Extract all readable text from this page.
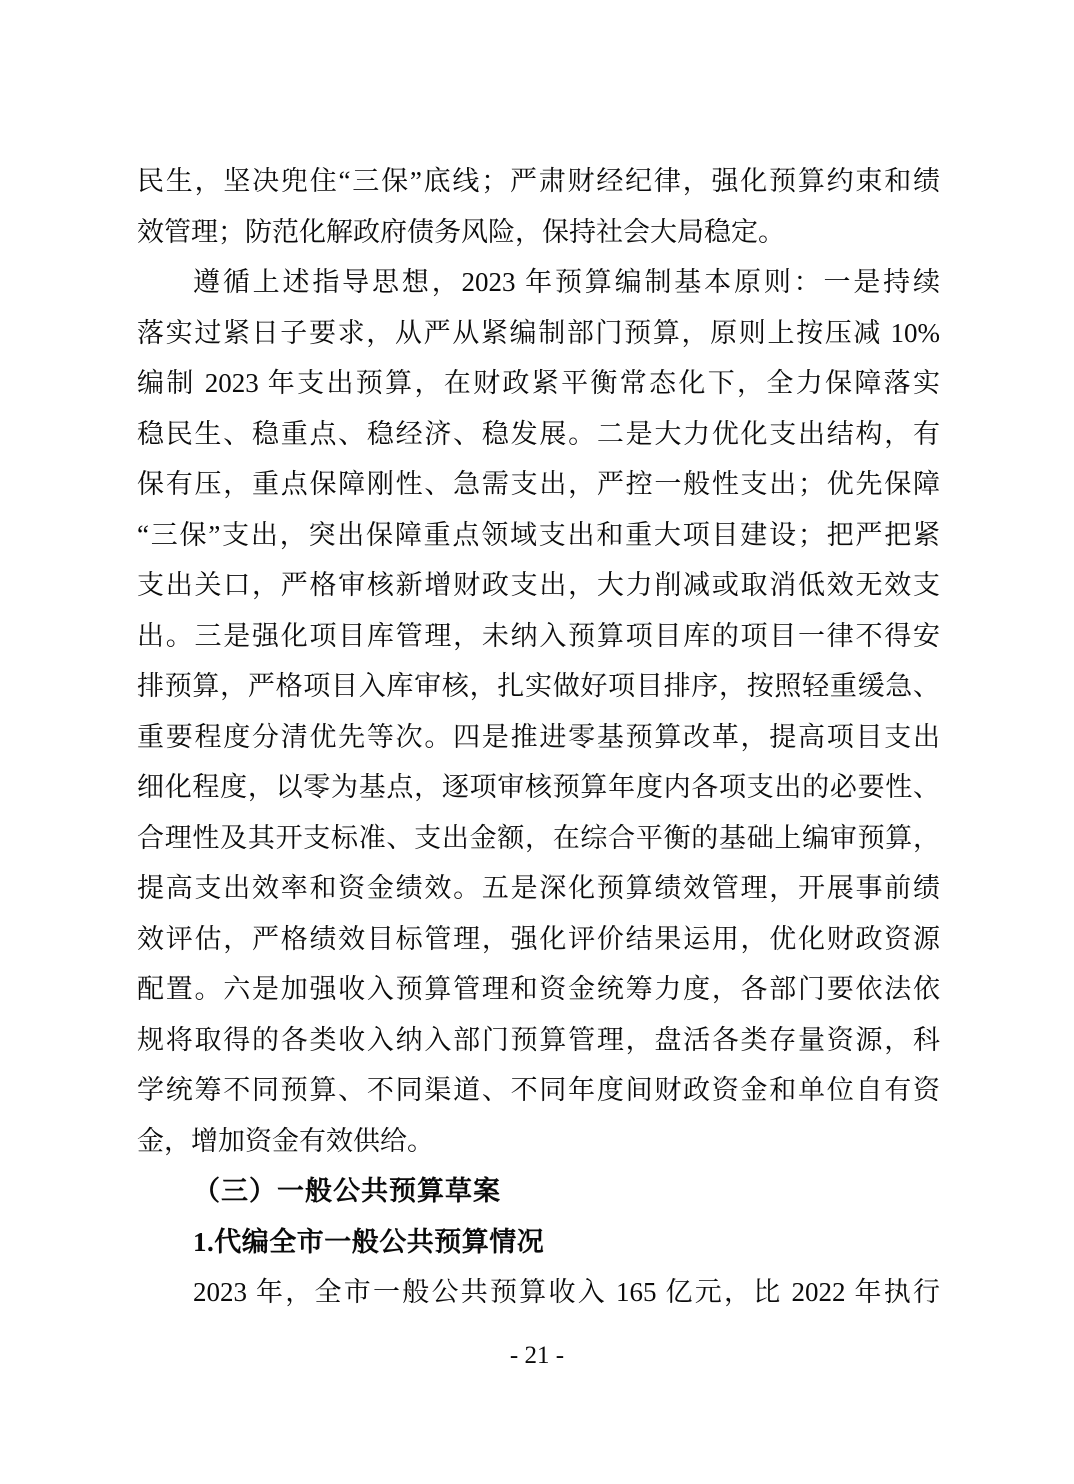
民生，坚决兜住“三保”底线；严肃财经纪律，强化预算约束和绩
效管理；防范化解政府债务风险，保持社会大局稳定。
遵循上述指导思想，2023 年预算编制基本原则：一是持续
落实过紧日子要求，从严从紧编制部门预算，原则上按压减 10%
编制 2023 年支出预算，在财政紧平衡常态化下，全力保障落实
稳民生、稳重点、稳经济、稳发展。二是大力优化支出结构，有
保有压，重点保障刚性、急需支出，严控一般性支出；优先保障
“三保”支出，突出保障重点领域支出和重大项目建设；把严把紧
支出关口，严格审核新增财政支出，大力削减或取消低效无效支
出。三是强化项目库管理，未纳入预算项目库的项目一律不得安
排预算，严格项目入库审核，扎实做好项目排序，按照轻重缓急、
重要程度分清优先等次。四是推进零基预算改革，提高项目支出
细化程度，以零为基点，逐项审核预算年度内各项支出的必要性、
合理性及其开支标准、支出金额，在综合平衡的基础上编审预算，
提高支出效率和资金绩效。五是深化预算绩效管理，开展事前绩
效评估，严格绩效目标管理，强化评价结果运用，优化财政资源
配置。六是加强收入预算管理和资金统筹力度，各部门要依法依
规将取得的各类收入纳入部门预算管理，盘活各类存量资源，科
学统筹不同预算、不同渠道、不同年度间财政资金和单位自有资
金，增加资金有效供给。
（三）一般公共预算草案
1.代编全市一般公共预算情况
2023 年，全市一般公共预算收入 165 亿元，比 2022 年执行
- 21 -
